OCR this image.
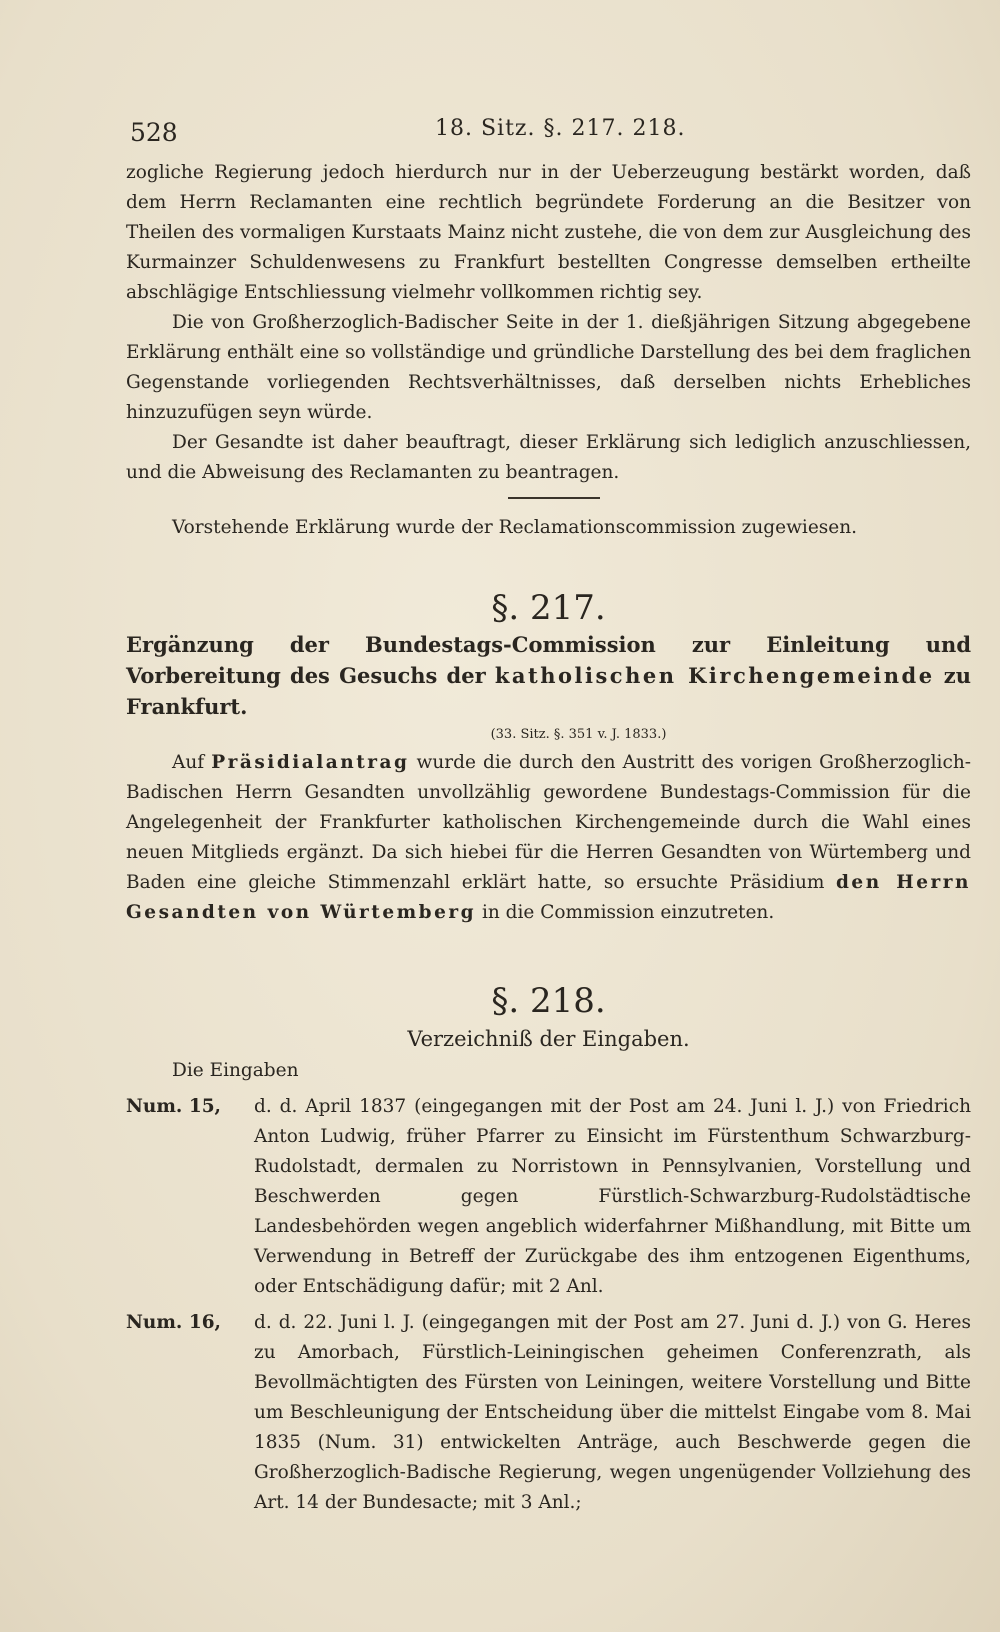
528	18. Sitz. §. 217. 218.

zogliche Regierung jedoch hierdurch nur in der Ueberzeugung bestärkt worden, daß dem Herrn Reclamanten eine rechtlich begründete Forderung an die Besitzer von Theilen des vormaligen Kurstaats Mainz nicht zustehe, die von dem zur Ausgleichung des Kurmainzer Schuldenwesens zu Frankfurt bestellten Congresse demselben ertheilte abschlägige Entschliessung vielmehr vollkommen richtig sey.

Die von Großherzoglich-Badischer Seite in der 1. dießjährigen Sitzung abgegebene Erklärung enthält eine so vollständige und gründliche Darstellung des bei dem fraglichen Gegenstande vorliegenden Rechtsverhältnisses, daß derselben nichts Erhebliches hinzuzufügen seyn würde.

Der Gesandte ist daher beauftragt, dieser Erklärung sich lediglich anzuschliessen, und die Abweisung des Reclamanten zu beantragen.

Vorstehende Erklärung wurde der Reclamationscommission zugewiesen.

§. 217.

Ergänzung der Bundestags-Commission zur Einleitung und Vorbereitung des Gesuchs der katholischen Kirchengemeinde zu Frankfurt.

(33. Sitz. §. 351 v. J. 1833.)

Auf Präsidialantrag wurde die durch den Austritt des vorigen Großherzoglich-Badischen Herrn Gesandten unvollzählig gewordene Bundestags-Commission für die Angelegenheit der Frankfurter katholischen Kirchengemeinde durch die Wahl eines neuen Mitglieds ergänzt. Da sich hiebei für die Herren Gesandten von Würtemberg und Baden eine gleiche Stimmenzahl erklärt hatte, so ersuchte Präsidium den Herrn Gesandten von Würtemberg in die Commission einzutreten.

§. 218.
Verzeichniß der Eingaben.

Die Eingaben

Num. 15,	d. d. April 1837 (eingegangen mit der Post am 24. Juni l. J.) von Friedrich Anton Ludwig, früher Pfarrer zu Einsicht im Fürstenthum Schwarzburg-Rudolstadt, dermalen zu Norristown in Pennsylvanien, Vorstellung und Beschwerden gegen Fürstlich-Schwarzburg-Rudolstädtische Landesbehörden wegen angeblich widerfahrner Mißhandlung, mit Bitte um Verwendung in Betreff der Zurückgabe des ihm entzogenen Eigenthums, oder Entschädigung dafür; mit 2 Anl.
Num. 16,	d. d. 22. Juni l. J. (eingegangen mit der Post am 27. Juni d. J.) von G. Heres zu Amorbach, Fürstlich-Leiningischen geheimen Conferenzrath, als Bevollmächtigten des Fürsten von Leiningen, weitere Vorstellung und Bitte um Beschleunigung der Entscheidung über die mittelst Eingabe vom 8. Mai 1835 (Num. 31) entwickelten Anträge, auch Beschwerde gegen die Großherzoglich-Badische Regierung, wegen ungenügender Vollziehung des Art. 14 der Bundesacte; mit 3 Anl.;
